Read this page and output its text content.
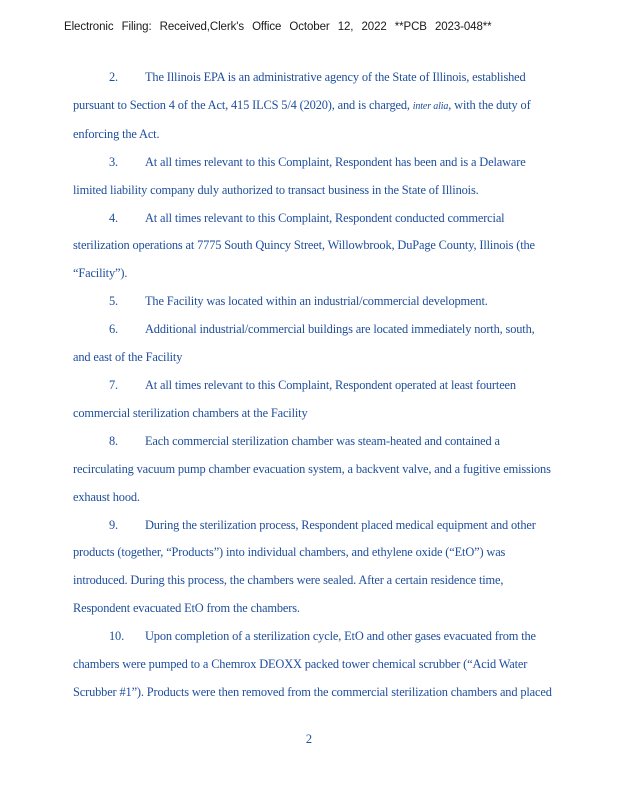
Electronic Filing: Received,Clerk's Office October 12, 2022 **PCB 2023-048**

2. The Illinois EPA is an administrative agency of the State of Illinois, established pursuant to Section 4 of the Act, 415 ILCS 5/4 (2020), and is charged, inter alia, with the duty of enforcing the Act.

3. At all times relevant to this Complaint, Respondent has been and is a Delaware limited liability company duly authorized to transact business in the State of Illinois.

4. At all times relevant to this Complaint, Respondent conducted commercial sterilization operations at 7775 South Quincy Street, Willowbrook, DuPage County, Illinois (the “Facility”).

5. The Facility was located within an industrial/commercial development.

6. Additional industrial/commercial buildings are located immediately north, south, and east of the Facility

7. At all times relevant to this Complaint, Respondent operated at least fourteen commercial sterilization chambers at the Facility

8. Each commercial sterilization chamber was steam-heated and contained a recirculating vacuum pump chamber evacuation system, a backvent valve, and a fugitive emissions exhaust hood.

9. During the sterilization process, Respondent placed medical equipment and other products (together, “Products”) into individual chambers, and ethylene oxide (“EtO”) was introduced. During this process, the chambers were sealed. After a certain residence time, Respondent evacuated EtO from the chambers.

10. Upon completion of a sterilization cycle, EtO and other gases evacuated from the chambers were pumped to a Chemrox DEOXX packed tower chemical scrubber (“Acid Water Scrubber #1”). Products were then removed from the commercial sterilization chambers and placed

2
